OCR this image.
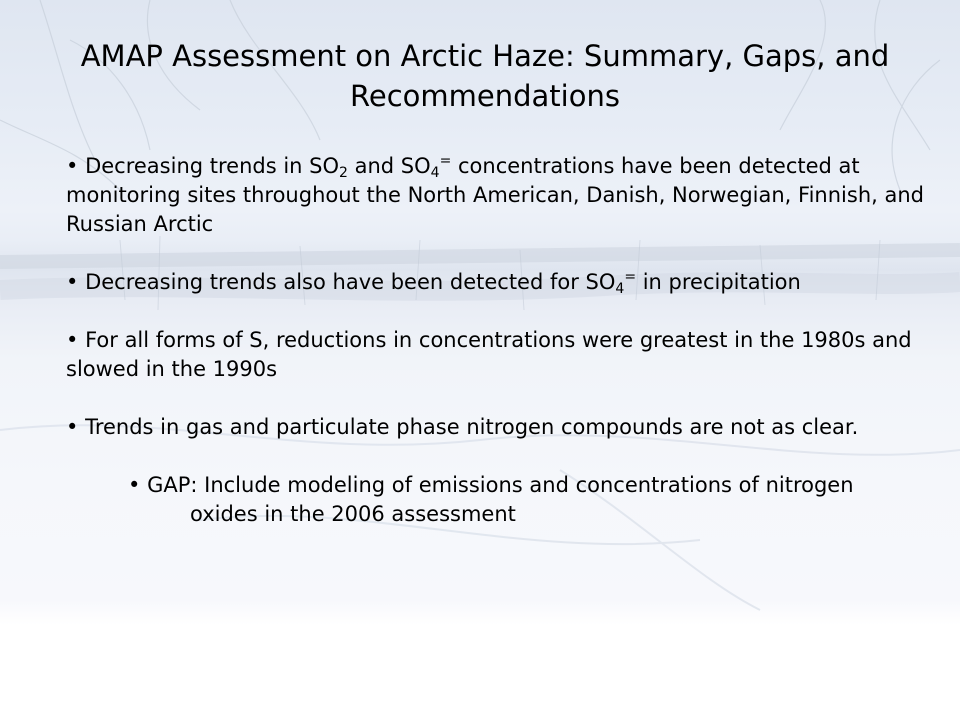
AMAP Assessment on Arctic Haze: Summary, Gaps, and Recommendations
• Decreasing trends in $SO_2$ and $SO_4^=$ concentrations have been detected at monitoring sites throughout the North American, Danish, Norwegian, Finnish, and Russian Arctic
• Decreasing trends also have been detected for $SO_4^=$ in precipitation
• For all forms of S, reductions in concentrations were greatest in the 1980s and slowed in the 1990s
• Trends in gas and particulate phase nitrogen compounds are not as clear.
• GAP: Include modeling of emissions and concentrations of nitrogen oxides in the 2006 assessment
